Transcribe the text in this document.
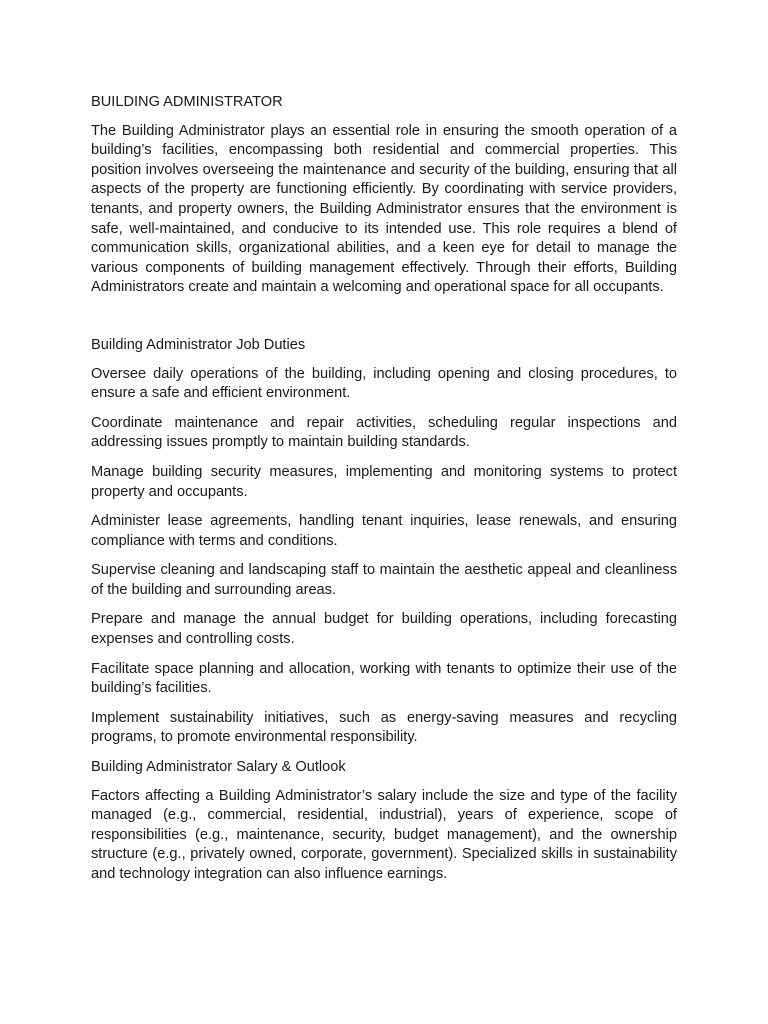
BUILDING ADMINISTRATOR

The Building Administrator plays an essential role in ensuring the smooth operation of a building’s facilities, encompassing both residential and commercial properties. This position involves overseeing the maintenance and security of the building, ensuring that all aspects of the property are functioning efficiently. By coordinating with service providers, tenants, and property owners, the Building Administrator ensures that the environment is safe, well-maintained, and conducive to its intended use. This role requires a blend of communication skills, organizational abilities, and a keen eye for detail to manage the various components of building management effectively. Through their efforts, Building Administrators create and maintain a welcoming and operational space for all occupants.

Building Administrator Job Duties

Oversee daily operations of the building, including opening and closing procedures, to ensure a safe and efficient environment.

Coordinate maintenance and repair activities, scheduling regular inspections and addressing issues promptly to maintain building standards.

Manage building security measures, implementing and monitoring systems to protect property and occupants.

Administer lease agreements, handling tenant inquiries, lease renewals, and ensuring compliance with terms and conditions.

Supervise cleaning and landscaping staff to maintain the aesthetic appeal and cleanliness of the building and surrounding areas.

Prepare and manage the annual budget for building operations, including forecasting expenses and controlling costs.

Facilitate space planning and allocation, working with tenants to optimize their use of the building’s facilities.

Implement sustainability initiatives, such as energy-saving measures and recycling programs, to promote environmental responsibility.

Building Administrator Salary & Outlook

Factors affecting a Building Administrator’s salary include the size and type of the facility managed (e.g., commercial, residential, industrial), years of experience, scope of responsibilities (e.g., maintenance, security, budget management), and the ownership structure (e.g., privately owned, corporate, government). Specialized skills in sustainability and technology integration can also influence earnings.
